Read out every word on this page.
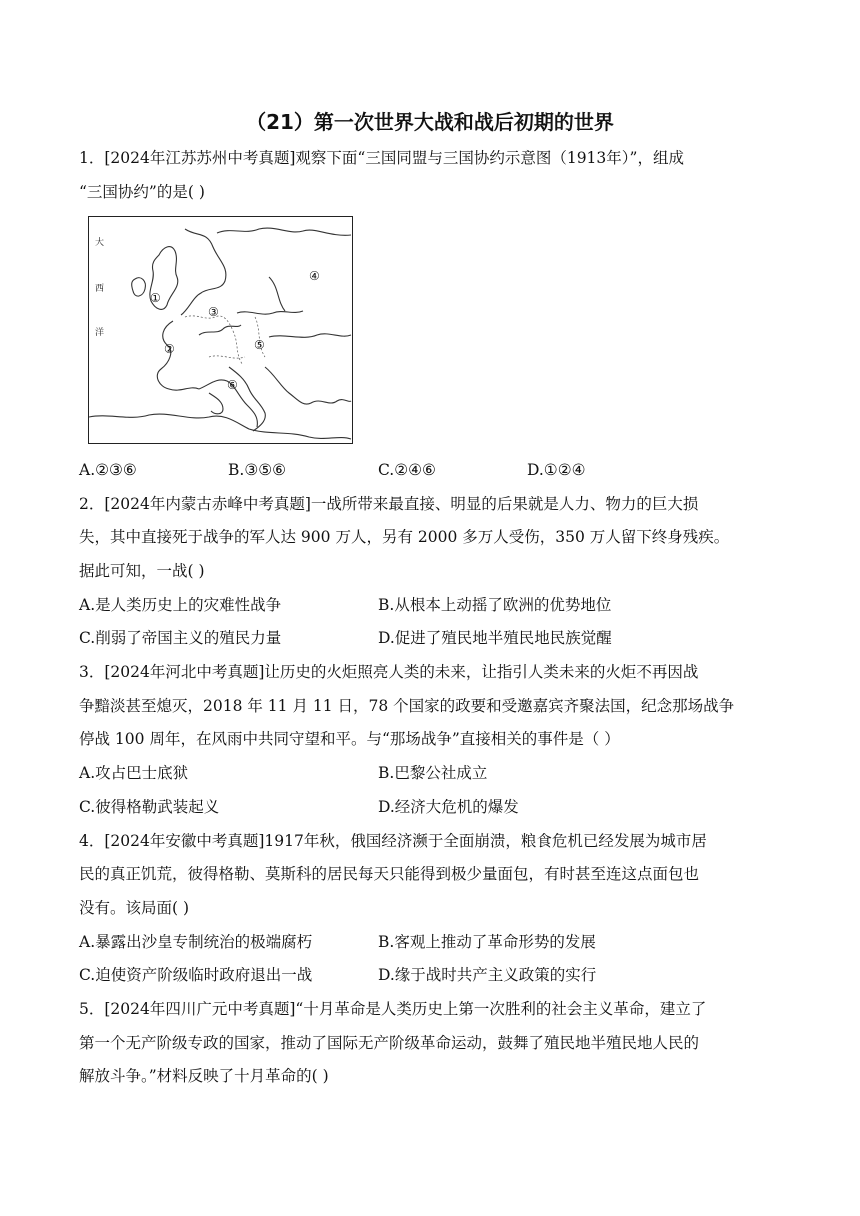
（21）第一次世界大战和战后初期的世界
1．[2024年江苏苏州中考真题]观察下面“三国同盟与三国协约示意图（1913年）”，组成
“三国协约”的是( )
大
西
洋
①
②
③
④
⑤
⑥
A.②③⑥	B.③⑤⑥	C.②④⑥	D.①②④
2．[2024年内蒙古赤峰中考真题]一战所带来最直接、明显的后果就是人力、物力的巨大损
失，其中直接死于战争的军人达 900 万人，另有 2000 多万人受伤，350 万人留下终身残疾。
据此可知，一战( )
A.是人类历史上的灾难性战争	B.从根本上动摇了欧洲的优势地位
C.削弱了帝国主义的殖民力量	D.促进了殖民地半殖民地民族觉醒
3．[2024年河北中考真题]让历史的火炬照亮人类的未来，让指引人类未来的火炬不再因战
争黯淡甚至熄灭，2018 年 11 月 11 日，78 个国家的政要和受邀嘉宾齐聚法国，纪念那场战争
停战 100 周年，在风雨中共同守望和平。与“那场战争”直接相关的事件是（ ）
A.攻占巴士底狱	B.巴黎公社成立
C.彼得格勒武装起义	D.经济大危机的爆发
4．[2024年安徽中考真题]1917年秋，俄国经济濒于全面崩溃，粮食危机已经发展为城市居
民的真正饥荒，彼得格勒、莫斯科的居民每天只能得到极少量面包，有时甚至连这点面包也
没有。该局面( )
A.暴露出沙皇专制统治的极端腐朽	B.客观上推动了革命形势的发展
C.迫使资产阶级临时政府退出一战	D.缘于战时共产主义政策的实行
5．[2024年四川广元中考真题]“十月革命是人类历史上第一次胜利的社会主义革命，建立了
第一个无产阶级专政的国家，推动了国际无产阶级革命运动，鼓舞了殖民地半殖民地人民的
解放斗争。”材料反映了十月革命的( )
